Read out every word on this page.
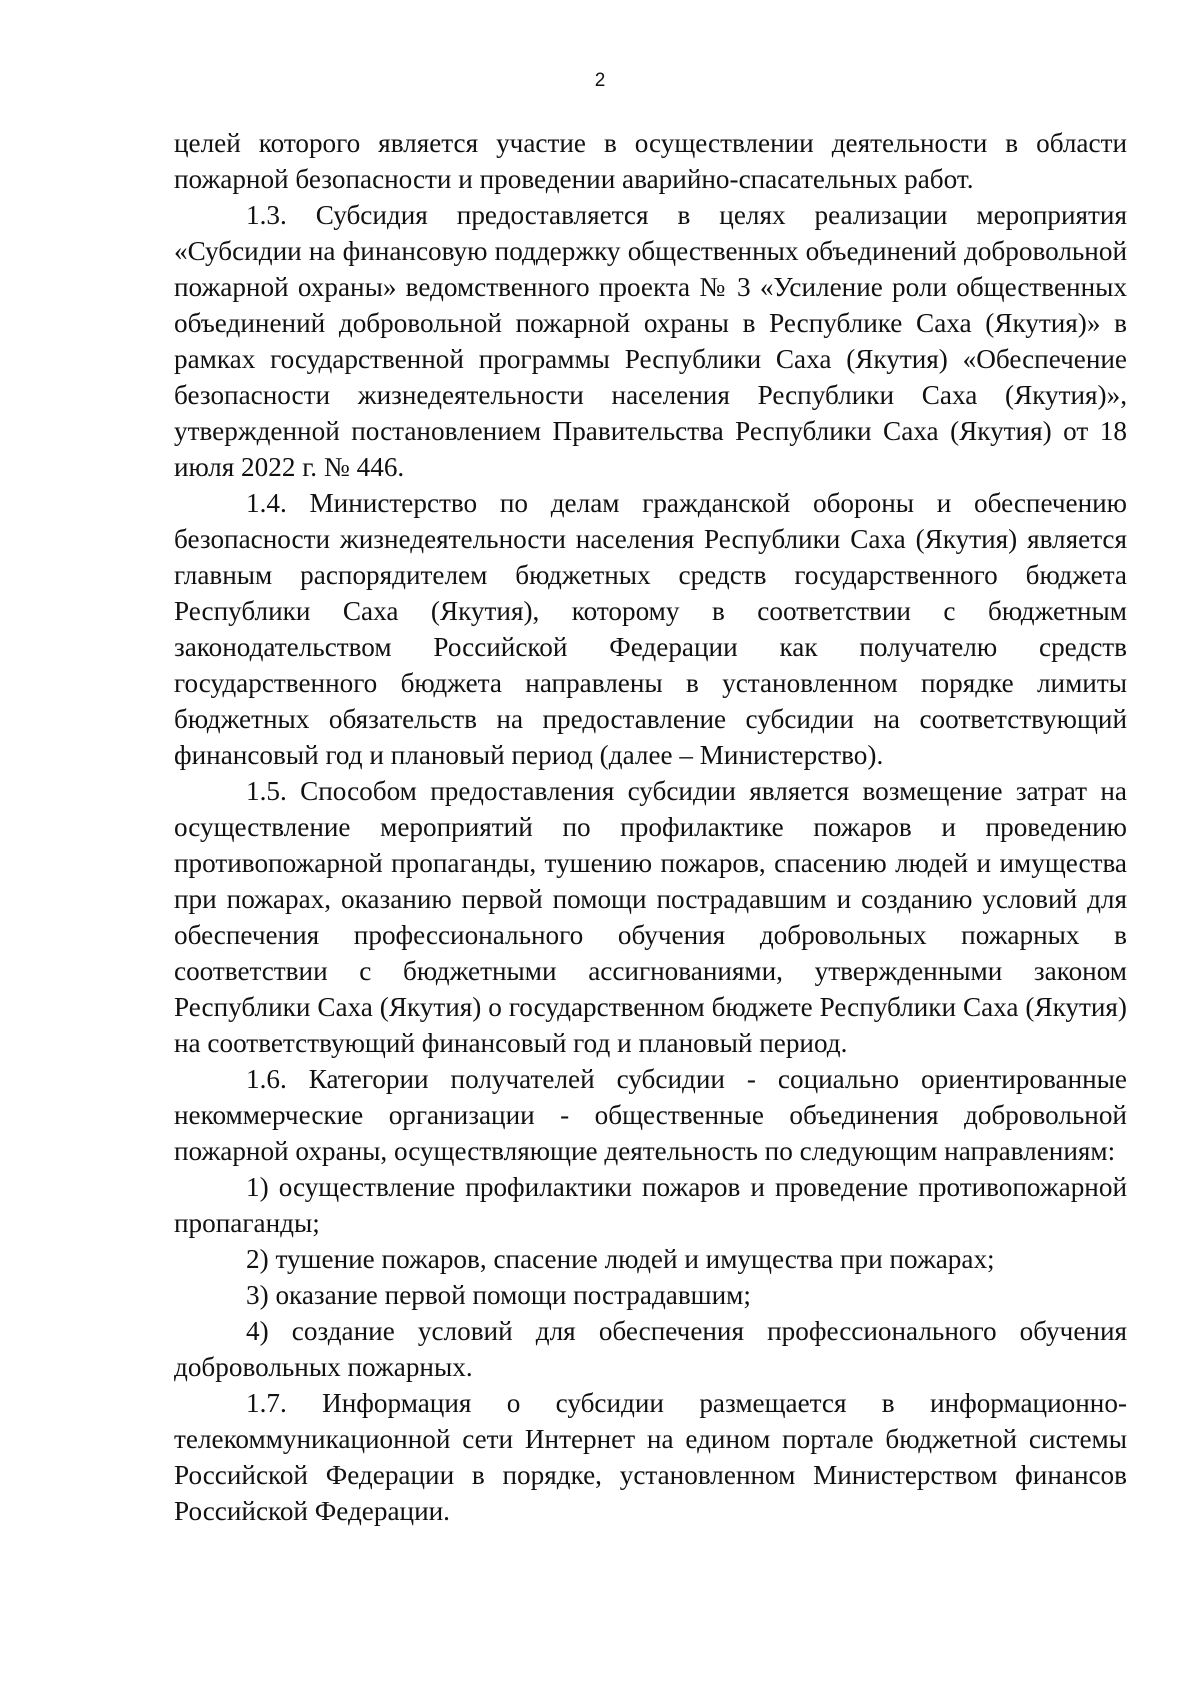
2

целей которого является участие в осуществлении деятельности в области пожарной безопасности и проведении аварийно-спасательных работ.

1.3. Субсидия предоставляется в целях реализации мероприятия «Субсидии на финансовую поддержку общественных объединений добровольной пожарной охраны» ведомственного проекта № 3 «Усиление роли общественных объединений добровольной пожарной охраны в Республике Саха (Якутия)» в рамках государственной программы Республики Саха (Якутия) «Обеспечение безопасности жизнедеятельности населения Республики Саха (Якутия)», утвержденной постановлением Правительства Республики Саха (Якутия) от 18 июля 2022 г. № 446.

1.4. Министерство по делам гражданской обороны и обеспечению безопасности жизнедеятельности населения Республики Саха (Якутия) является главным распорядителем бюджетных средств государственного бюджета Республики Саха (Якутия), которому в соответствии с бюджетным законодательством Российской Федерации как получателю средств государственного бюджета направлены в установленном порядке лимиты бюджетных обязательств на предоставление субсидии на соответствующий финансовый год и плановый период (далее – Министерство).

1.5. Способом предоставления субсидии является возмещение затрат на осуществление мероприятий по профилактике пожаров и проведению противопожарной пропаганды, тушению пожаров, спасению людей и имущества при пожарах, оказанию первой помощи пострадавшим и созданию условий для обеспечения профессионального обучения добровольных пожарных в соответствии с бюджетными ассигнованиями, утвержденными законом Республики Саха (Якутия) о государственном бюджете Республики Саха (Якутия) на соответствующий финансовый год и плановый период.

1.6. Категории получателей субсидии - социально ориентированные некоммерческие организации - общественные объединения добровольной пожарной охраны, осуществляющие деятельность по следующим направлениям:

1) осуществление профилактики пожаров и проведение противопожарной пропаганды;

2) тушение пожаров, спасение людей и имущества при пожарах;

3) оказание первой помощи пострадавшим;

4) создание условий для обеспечения профессионального обучения добровольных пожарных.

1.7. Информация о субсидии размещается в информационно-телекоммуникационной сети Интернет на едином портале бюджетной системы Российской Федерации в порядке, установленном Министерством финансов Российской Федерации.
